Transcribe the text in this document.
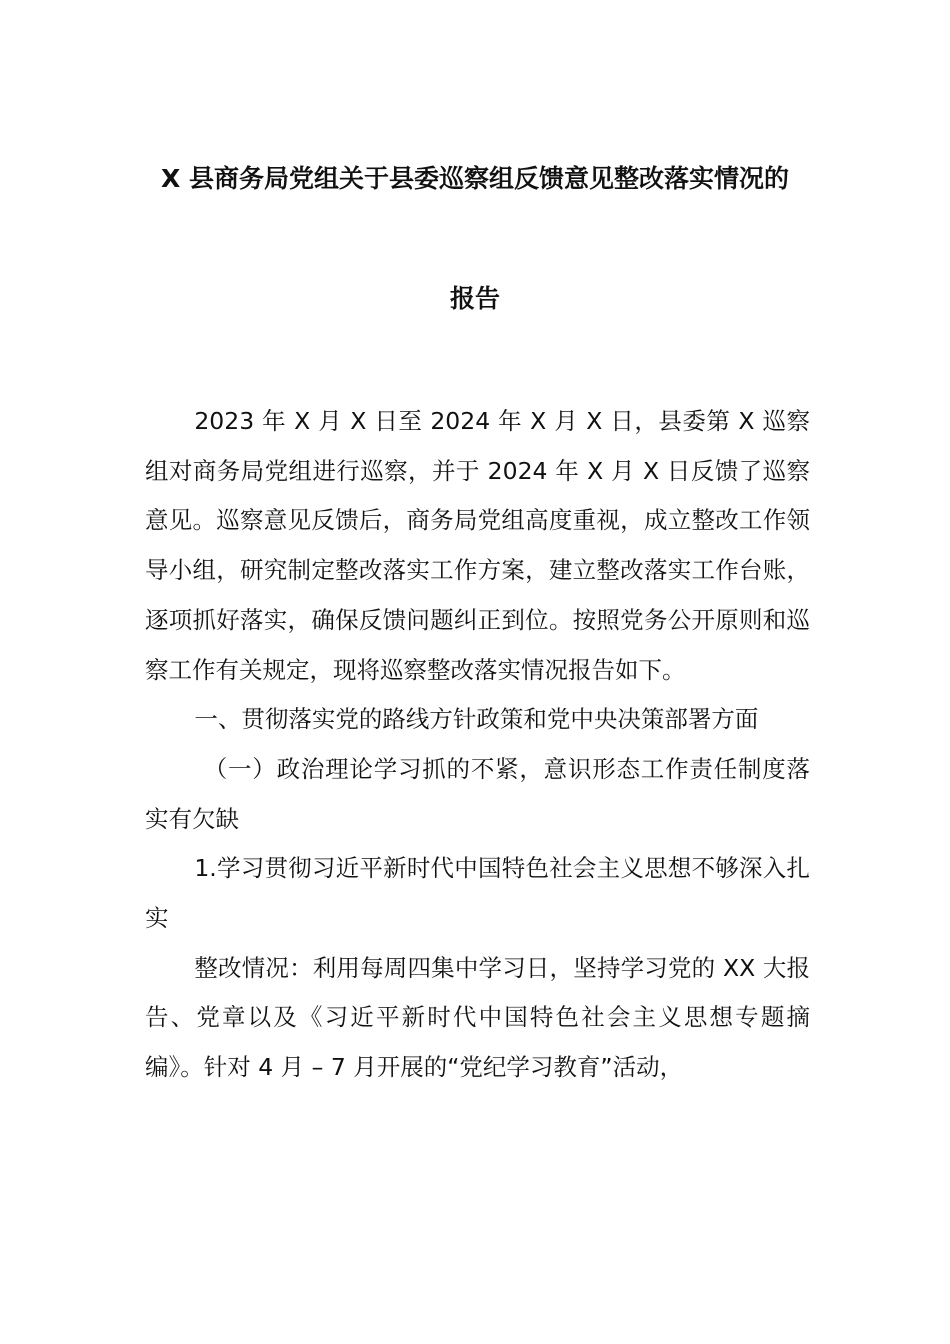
X 县商务局党组关于县委巡察组反馈意见整改落实情况的
报告

2023 年 X 月 X 日至 2024 年 X 月 X 日，县委第 X 巡察组对商务局党组进行巡察，并于 2024 年 X 月 X 日反馈了巡察意见。巡察意见反馈后，商务局党组高度重视，成立整改工作领导小组，研究制定整改落实工作方案，建立整改落实工作台账，逐项抓好落实，确保反馈问题纠正到位。按照党务公开原则和巡察工作有关规定，现将巡察整改落实情况报告如下。

一、贯彻落实党的路线方针政策和党中央决策部署方面

（一）政治理论学习抓的不紧，意识形态工作责任制度落实有欠缺

1.学习贯彻习近平新时代中国特色社会主义思想不够深入扎实

整改情况：利用每周四集中学习日，坚持学习党的 XX 大报告、党章以及《习近平新时代中国特色社会主义思想专题摘编》。针对 4 月 – 7 月开展的“党纪学习教育”活动，
